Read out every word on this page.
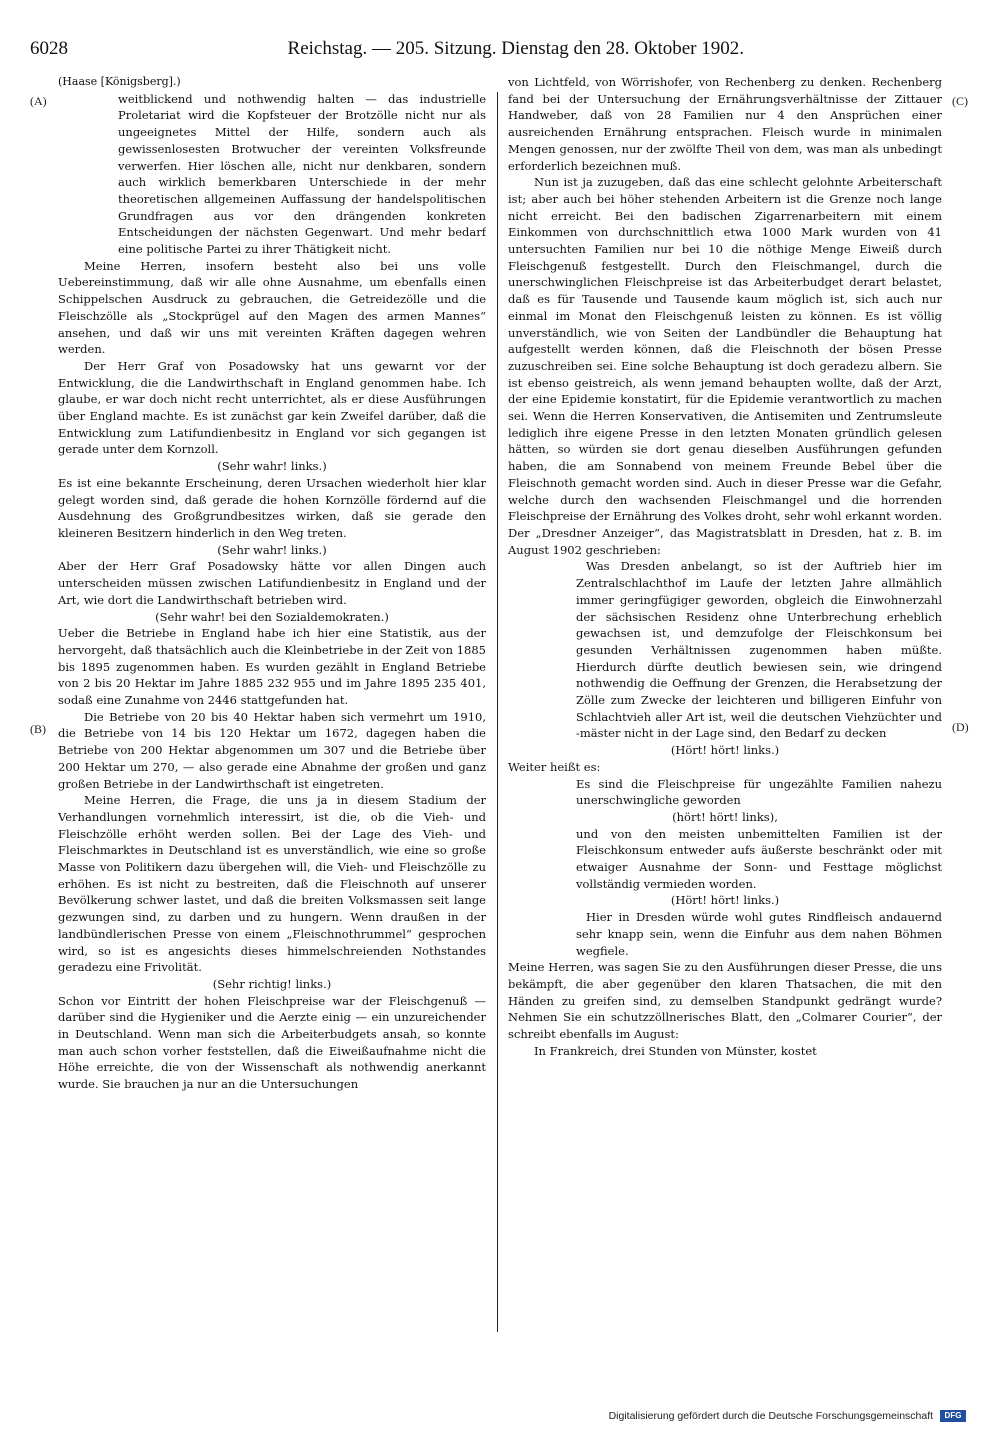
6028	Reichstag. — 205. Sitzung. Dienstag den 28. Oktober 1902.
(A)
(B)
(C)
(D)

(Haase [Königsberg].)

weitblickend und nothwendig halten — das industrielle Proletariat wird die Kopfsteuer der Brotzölle nicht nur als ungeeignetes Mittel der Hilfe, sondern auch als gewissenlosesten Brotwucher der vereinten Volksfreunde verwerfen. Hier löschen alle, nicht nur denkbaren, sondern auch wirklich bemerkbaren Unterschiede in der mehr theoretischen allgemeinen Auffassung der handelspolitischen Grundfragen aus vor den drängenden konkreten Entscheidungen der nächsten Gegenwart. Und mehr bedarf eine politische Partei zu ihrer Thätigkeit nicht.

Meine Herren, insofern besteht also bei uns volle Uebereinstimmung, daß wir alle ohne Ausnahme, um ebenfalls einen Schippelschen Ausdruck zu gebrauchen, die Getreidezölle und die Fleischzölle als „Stockprügel auf den Magen des armen Mannes“ ansehen, und daß wir uns mit vereinten Kräften dagegen wehren werden.

Der Herr Graf von Posadowsky hat uns gewarnt vor der Entwicklung, die die Landwirthschaft in England genommen habe. Ich glaube, er war doch nicht recht unterrichtet, als er diese Ausführungen über England machte. Es ist zunächst gar kein Zweifel darüber, daß die Entwicklung zum Latifundienbesitz in England vor sich gegangen ist gerade unter dem Kornzoll.

(Sehr wahr! links.)

Es ist eine bekannte Erscheinung, deren Ursachen wiederholt hier klar gelegt worden sind, daß gerade die hohen Kornzölle fördernd auf die Ausdehnung des Großgrundbesitzes wirken, daß sie gerade den kleineren Besitzern hinderlich in den Weg treten.

(Sehr wahr! links.)

Aber der Herr Graf Posadowsky hätte vor allen Dingen auch unterscheiden müssen zwischen Latifundienbesitz in England und der Art, wie dort die Landwirthschaft betrieben wird.

(Sehr wahr! bei den Sozialdemokraten.)

Ueber die Betriebe in England habe ich hier eine Statistik, aus der hervorgeht, daß thatsächlich auch die Kleinbetriebe in der Zeit von 1885 bis 1895 zugenommen haben. Es wurden gezählt in England Betriebe von 2 bis 20 Hektar im Jahre 1885 232 955 und im Jahre 1895 235 401, sodaß eine Zunahme von 2446 stattgefunden hat.

Die Betriebe von 20 bis 40 Hektar haben sich vermehrt um 1910, die Betriebe von 14 bis 120 Hektar um 1672, dagegen haben die Betriebe von 200 Hektar abgenommen um 307 und die Betriebe über 200 Hektar um 270, — also gerade eine Abnahme der großen und ganz großen Betriebe in der Landwirthschaft ist eingetreten.

Meine Herren, die Frage, die uns ja in diesem Stadium der Verhandlungen vornehmlich interessirt, ist die, ob die Vieh- und Fleischzölle erhöht werden sollen. Bei der Lage des Vieh- und Fleischmarktes in Deutschland ist es unverständlich, wie eine so große Masse von Politikern dazu übergehen will, die Vieh- und Fleischzölle zu erhöhen. Es ist nicht zu bestreiten, daß die Fleischnoth auf unserer Bevölkerung schwer lastet, und daß die breiten Volksmassen seit lange gezwungen sind, zu darben und zu hungern. Wenn draußen in der landbündlerischen Presse von einem „Fleischnothrummel“ gesprochen wird, so ist es angesichts dieses himmelschreienden Nothstandes geradezu eine Frivolität.

(Sehr richtig! links.)

Schon vor Eintritt der hohen Fleischpreise war der Fleischgenuß — darüber sind die Hygieniker und die Aerzte einig — ein unzureichender in Deutschland. Wenn man sich die Arbeiterbudgets ansah, so konnte man auch schon vorher feststellen, daß die Eiweißaufnahme nicht die Höhe erreichte, die von der Wissenschaft als nothwendig anerkannt wurde. Sie brauchen ja nur an die Untersuchungen

von Lichtfeld, von Wörrishofer, von Rechenberg zu denken. Rechenberg fand bei der Untersuchung der Ernährungsverhältnisse der Zittauer Handweber, daß von 28 Familien nur 4 den Ansprüchen einer ausreichenden Ernährung entsprachen. Fleisch wurde in minimalen Mengen genossen, nur der zwölfte Theil von dem, was man als unbedingt erforderlich bezeichnen muß.

Nun ist ja zuzugeben, daß das eine schlecht gelohnte Arbeiterschaft ist; aber auch bei höher stehenden Arbeitern ist die Grenze noch lange nicht erreicht. Bei den badischen Zigarrenarbeitern mit einem Einkommen von durchschnittlich etwa 1000 Mark wurden von 41 untersuchten Familien nur bei 10 die nöthige Menge Eiweiß durch Fleischgenuß festgestellt. Durch den Fleischmangel, durch die unerschwinglichen Fleischpreise ist das Arbeiterbudget derart belastet, daß es für Tausende und Tausende kaum möglich ist, sich auch nur einmal im Monat den Fleischgenuß leisten zu können. Es ist völlig unverständlich, wie von Seiten der Landbündler die Behauptung hat aufgestellt werden können, daß die Fleischnoth der bösen Presse zuzuschreiben sei. Eine solche Behauptung ist doch geradezu albern. Sie ist ebenso geistreich, als wenn jemand behaupten wollte, daß der Arzt, der eine Epidemie konstatirt, für die Epidemie verantwortlich zu machen sei. Wenn die Herren Konservativen, die Antisemiten und Zentrumsleute lediglich ihre eigene Presse in den letzten Monaten gründlich gelesen hätten, so würden sie dort genau dieselben Ausführungen gefunden haben, die am Sonnabend von meinem Freunde Bebel über die Fleischnoth gemacht worden sind. Auch in dieser Presse war die Gefahr, welche durch den wachsenden Fleischmangel und die horrenden Fleischpreise der Ernährung des Volkes droht, sehr wohl erkannt worden. Der „Dresdner Anzeiger“, das Magistratsblatt in Dresden, hat z. B. im August 1902 geschrieben:

Was Dresden anbelangt, so ist der Auftrieb hier im Zentralschlachthof im Laufe der letzten Jahre allmählich immer geringfügiger geworden, obgleich die Einwohnerzahl der sächsischen Residenz ohne Unterbrechung erheblich gewachsen ist, und demzufolge der Fleischkonsum bei gesunden Verhältnissen zugenommen haben müßte. Hierdurch dürfte deutlich bewiesen sein, wie dringend nothwendig die Oeffnung der Grenzen, die Herabsetzung der Zölle zum Zwecke der leichteren und billigeren Einfuhr von Schlachtvieh aller Art ist, weil die deutschen Viehzüchter und -mäster nicht in der Lage sind, den Bedarf zu decken

(Hört! hört! links.)

Weiter heißt es:

Es sind die Fleischpreise für ungezählte Familien nahezu unerschwingliche geworden

(hört! hört! links),

und von den meisten unbemittelten Familien ist der Fleischkonsum entweder aufs äußerste beschränkt oder mit etwaiger Ausnahme der Sonn- und Festtage möglichst vollständig vermieden worden.

(Hört! hört! links.)

Hier in Dresden würde wohl gutes Rindfleisch andauernd sehr knapp sein, wenn die Einfuhr aus dem nahen Böhmen wegfiele.

Meine Herren, was sagen Sie zu den Ausführungen dieser Presse, die uns bekämpft, die aber gegenüber den klaren Thatsachen, die mit den Händen zu greifen sind, zu demselben Standpunkt gedrängt wurde? Nehmen Sie ein schutzzöllnerisches Blatt, den „Colmarer Courier“, der schreibt ebenfalls im August:

In Frankreich, drei Stunden von Münster, kostet

Digitalisierung gefördert durch die Deutsche Forschungsgemeinschaft DFG
